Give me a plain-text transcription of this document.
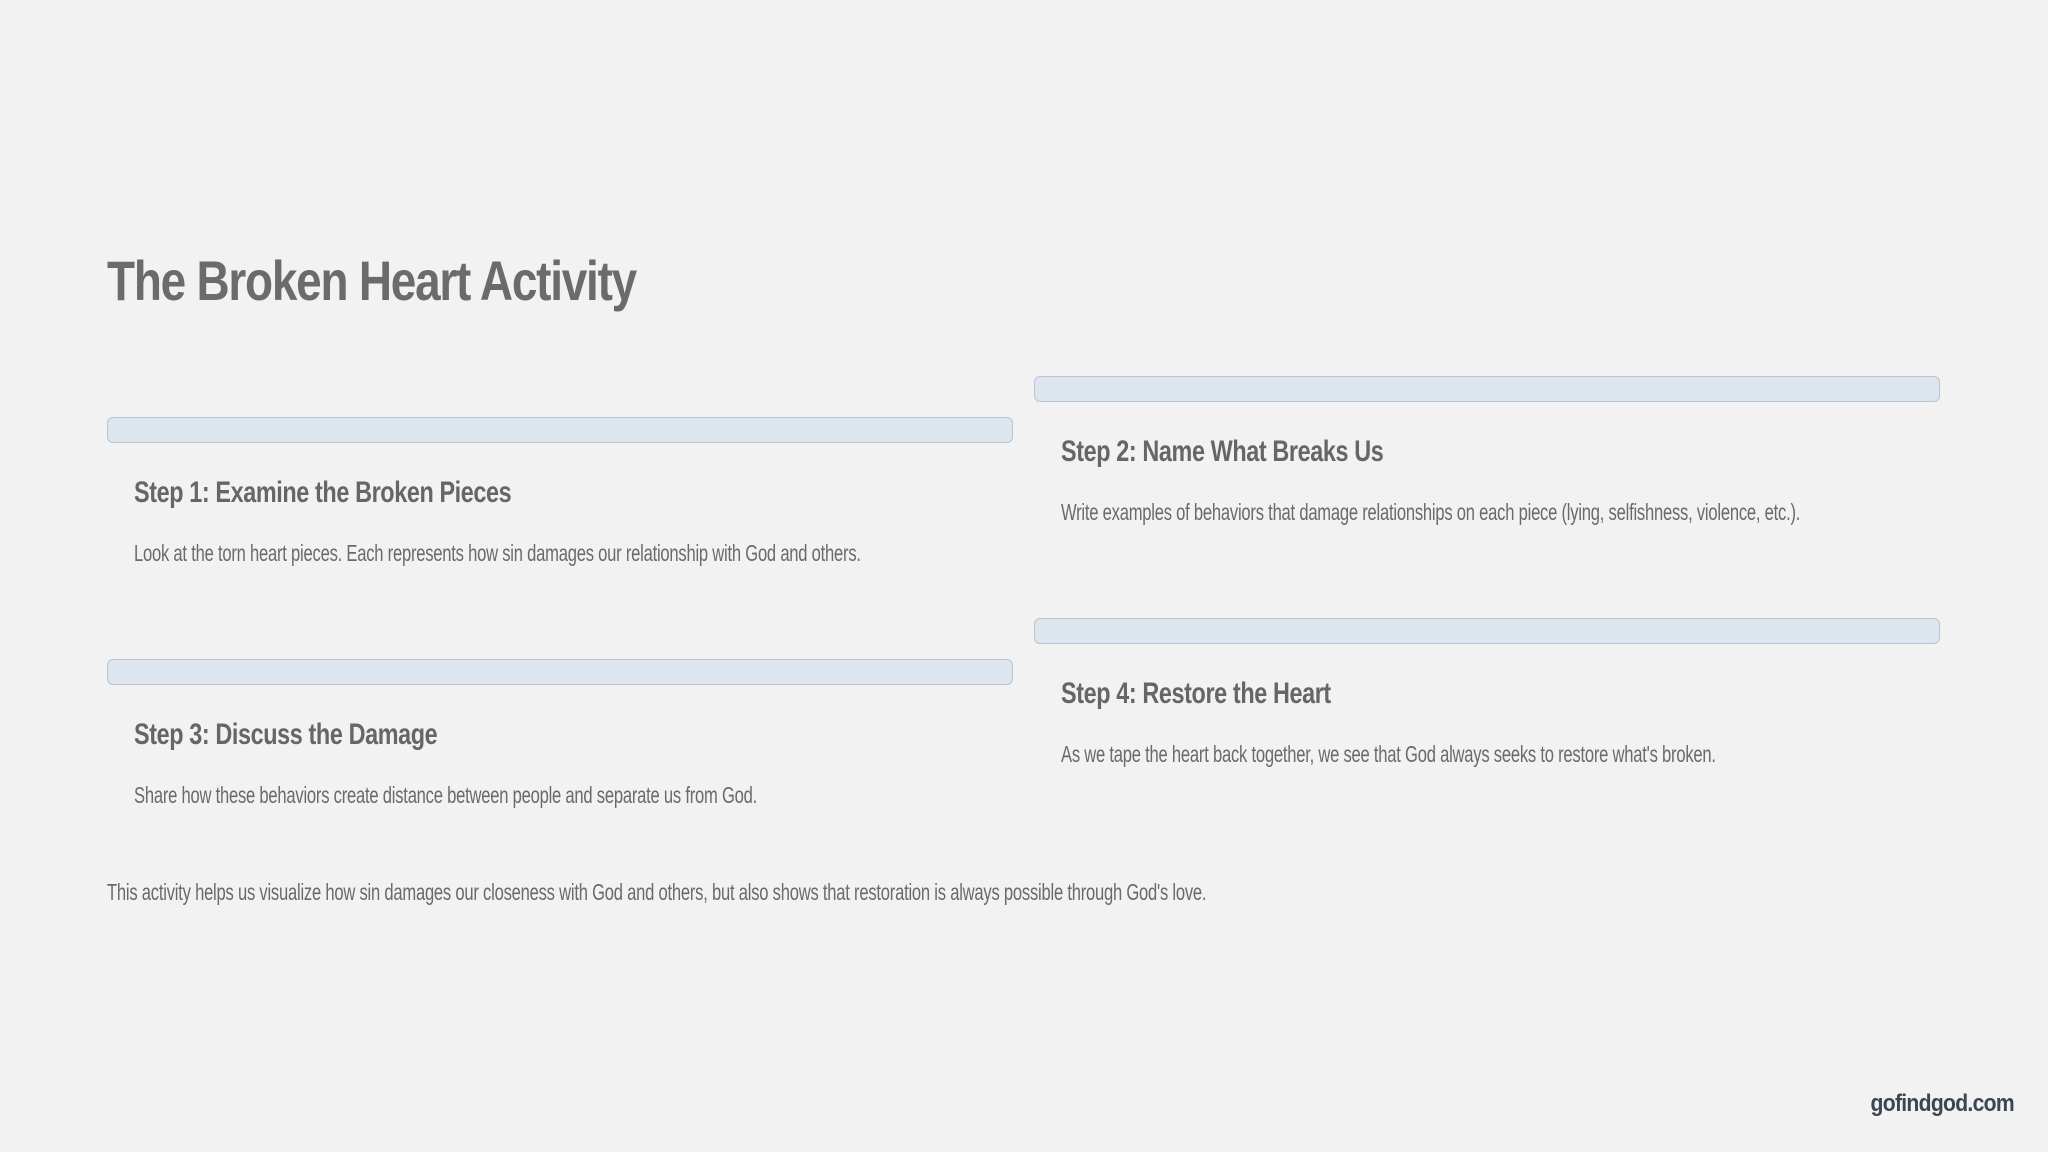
The Broken Heart Activity
Step 1: Examine the Broken Pieces

Look at the torn heart pieces. Each represents how sin damages our relationship with God and others.

Step 2: Name What Breaks Us

Write examples of behaviors that damage relationships on each piece (lying, selfishness, violence, etc.).

Step 3: Discuss the Damage

Share how these behaviors create distance between people and separate us from God.

Step 4: Restore the Heart

As we tape the heart back together, we see that God always seeks to restore what's broken.

This activity helps us visualize how sin damages our closeness with God and others, but also shows that restoration is always possible through God's love.

gofindgod.com
